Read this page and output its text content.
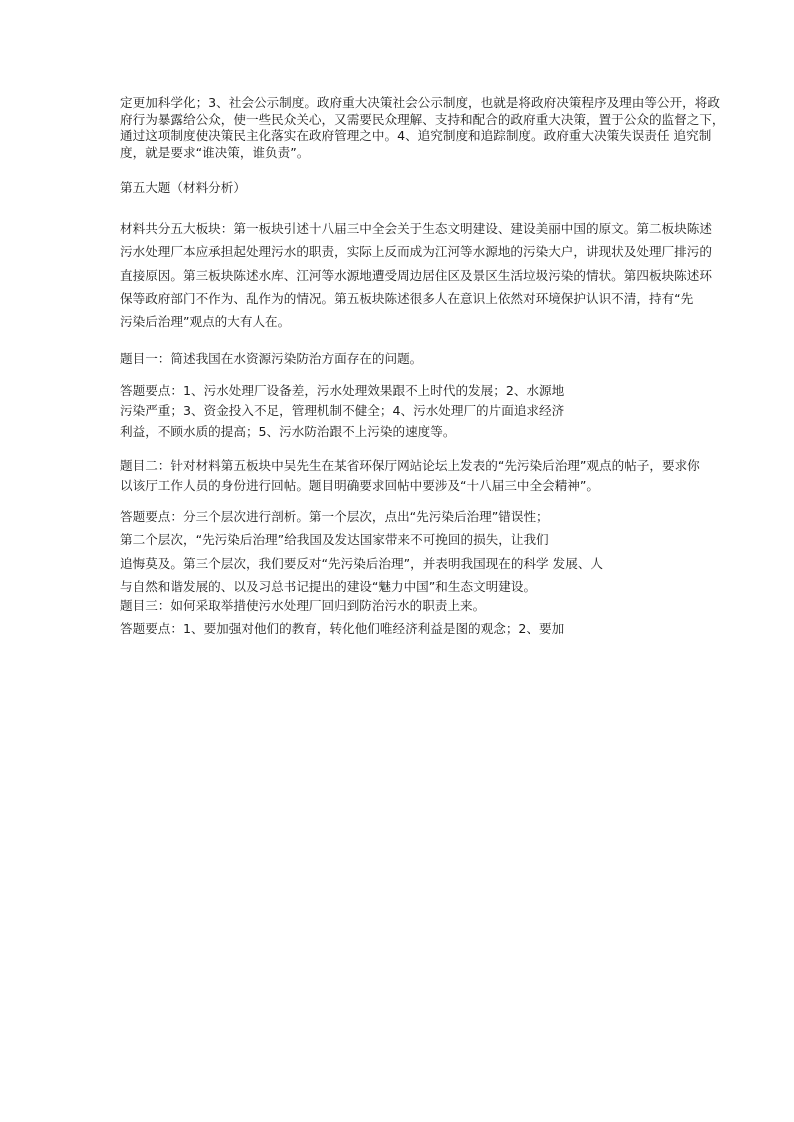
定更加科学化；3、社会公示制度。政府重大决策社会公示制度，也就是将政府决策程序及理由等公开，将政
府行为暴露给公众，使一些民众关心，又需要民众理解、支持和配合的政府重大决策，置于公众的监督之下，
通过这项制度使决策民主化落实在政府管理之中。4、追究制度和追踪制度。政府重大决策失误责任 追究制
度，就是要求“谁决策，谁负责”。
第五大题（材料分析）
材料共分五大板块：第一板块引述十八届三中全会关于生态文明建设、建设美丽中国的原文。第二板块陈述
污水处理厂本应承担起处理污水的职责，实际上反而成为江河等水源地的污染大户，讲现状及处理厂排污的
直接原因。第三板块陈述水库、江河等水源地遭受周边居住区及景区生活垃圾污染的情状。第四板块陈述环
保等政府部门不作为、乱作为的情况。第五板块陈述很多人在意识上依然对环境保护认识不清，持有“先
污染后治理”观点的大有人在。
题目一：简述我国在水资源污染防治方面存在的问题。
答题要点：1、污水处理厂设备差，污水处理效果跟不上时代的发展；2、水源地
污染严重；3、资金投入不足，管理机制不健全；4、污水处理厂的片面追求经济
利益，不顾水质的提高；5、污水防治跟不上污染的速度等。
题目二：针对材料第五板块中吴先生在某省环保厅网站论坛上发表的“先污染后治理”观点的帖子，要求你
以该厅工作人员的身份进行回帖。题目明确要求回帖中要涉及“十八届三中全会精神”。
答题要点：分三个层次进行剖析。第一个层次，点出“先污染后治理”错误性；
第二个层次，“先污染后治理”给我国及发达国家带来不可挽回的损失，让我们
追悔莫及。第三个层次，我们要反对“先污染后治理”，并表明我国现在的科学 发展、人
与自然和谐发展的、以及习总书记提出的建设“魅力中国”和生态文明建设。
题目三：如何采取举措使污水处理厂回归到防治污水的职责上来。
答题要点：1、要加强对他们的教育，转化他们唯经济利益是图的观念；2、要加
